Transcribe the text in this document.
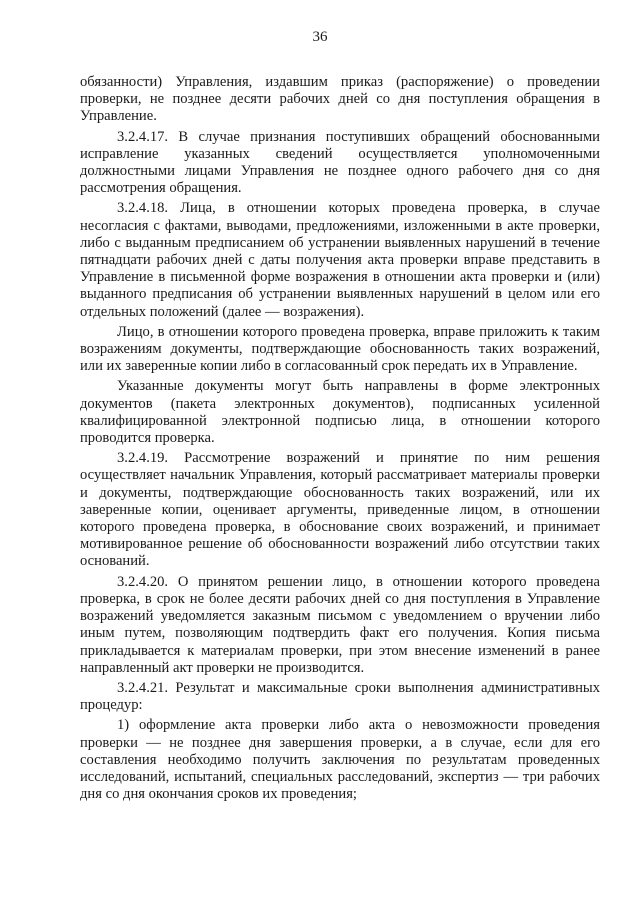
36

обязанности) Управления, издавшим приказ (распоряжение) о проведении проверки, не позднее десяти рабочих дней со дня поступления обращения в Управление.

3.2.4.17. В случае признания поступивших обращений обоснованными исправление указанных сведений осуществляется уполномоченными должностными лицами Управления не позднее одного рабочего дня со дня рассмотрения обращения.

3.2.4.18. Лица, в отношении которых проведена проверка, в случае несогласия с фактами, выводами, предложениями, изложенными в акте проверки, либо с выданным предписанием об устранении выявленных нарушений в течение пятнадцати рабочих дней с даты получения акта проверки вправе представить в Управление в письменной форме возражения в отношении акта проверки и (или) выданного предписания об устранении выявленных нарушений в целом или его отдельных положений (далее — возражения).

Лицо, в отношении которого проведена проверка, вправе приложить к таким возражениям документы, подтверждающие обоснованность таких возражений, или их заверенные копии либо в согласованный срок передать их в Управление.

Указанные документы могут быть направлены в форме электронных документов (пакета электронных документов), подписанных усиленной квалифицированной электронной подписью лица, в отношении которого проводится проверка.

3.2.4.19. Рассмотрение возражений и принятие по ним решения осуществляет начальник Управления, который рассматривает материалы проверки и документы, подтверждающие обоснованность таких возражений, или их заверенные копии, оценивает аргументы, приведенные лицом, в отношении которого проведена проверка, в обоснование своих возражений, и принимает мотивированное решение об обоснованности возражений либо отсутствии таких оснований.

3.2.4.20. О принятом решении лицо, в отношении которого проведена проверка, в срок не более десяти рабочих дней со дня поступления в Управление возражений уведомляется заказным письмом с уведомлением о вручении либо иным путем, позволяющим подтвердить факт его получения. Копия письма прикладывается к материалам проверки, при этом внесение изменений в ранее направленный акт проверки не производится.

3.2.4.21. Результат и максимальные сроки выполнения административных процедур:

1) оформление акта проверки либо акта о невозможности проведения проверки — не позднее дня завершения проверки, а в случае, если для его составления необходимо получить заключения по результатам проведенных исследований, испытаний, специальных расследований, экспертиз — три рабочих дня со дня окончания сроков их проведения;
